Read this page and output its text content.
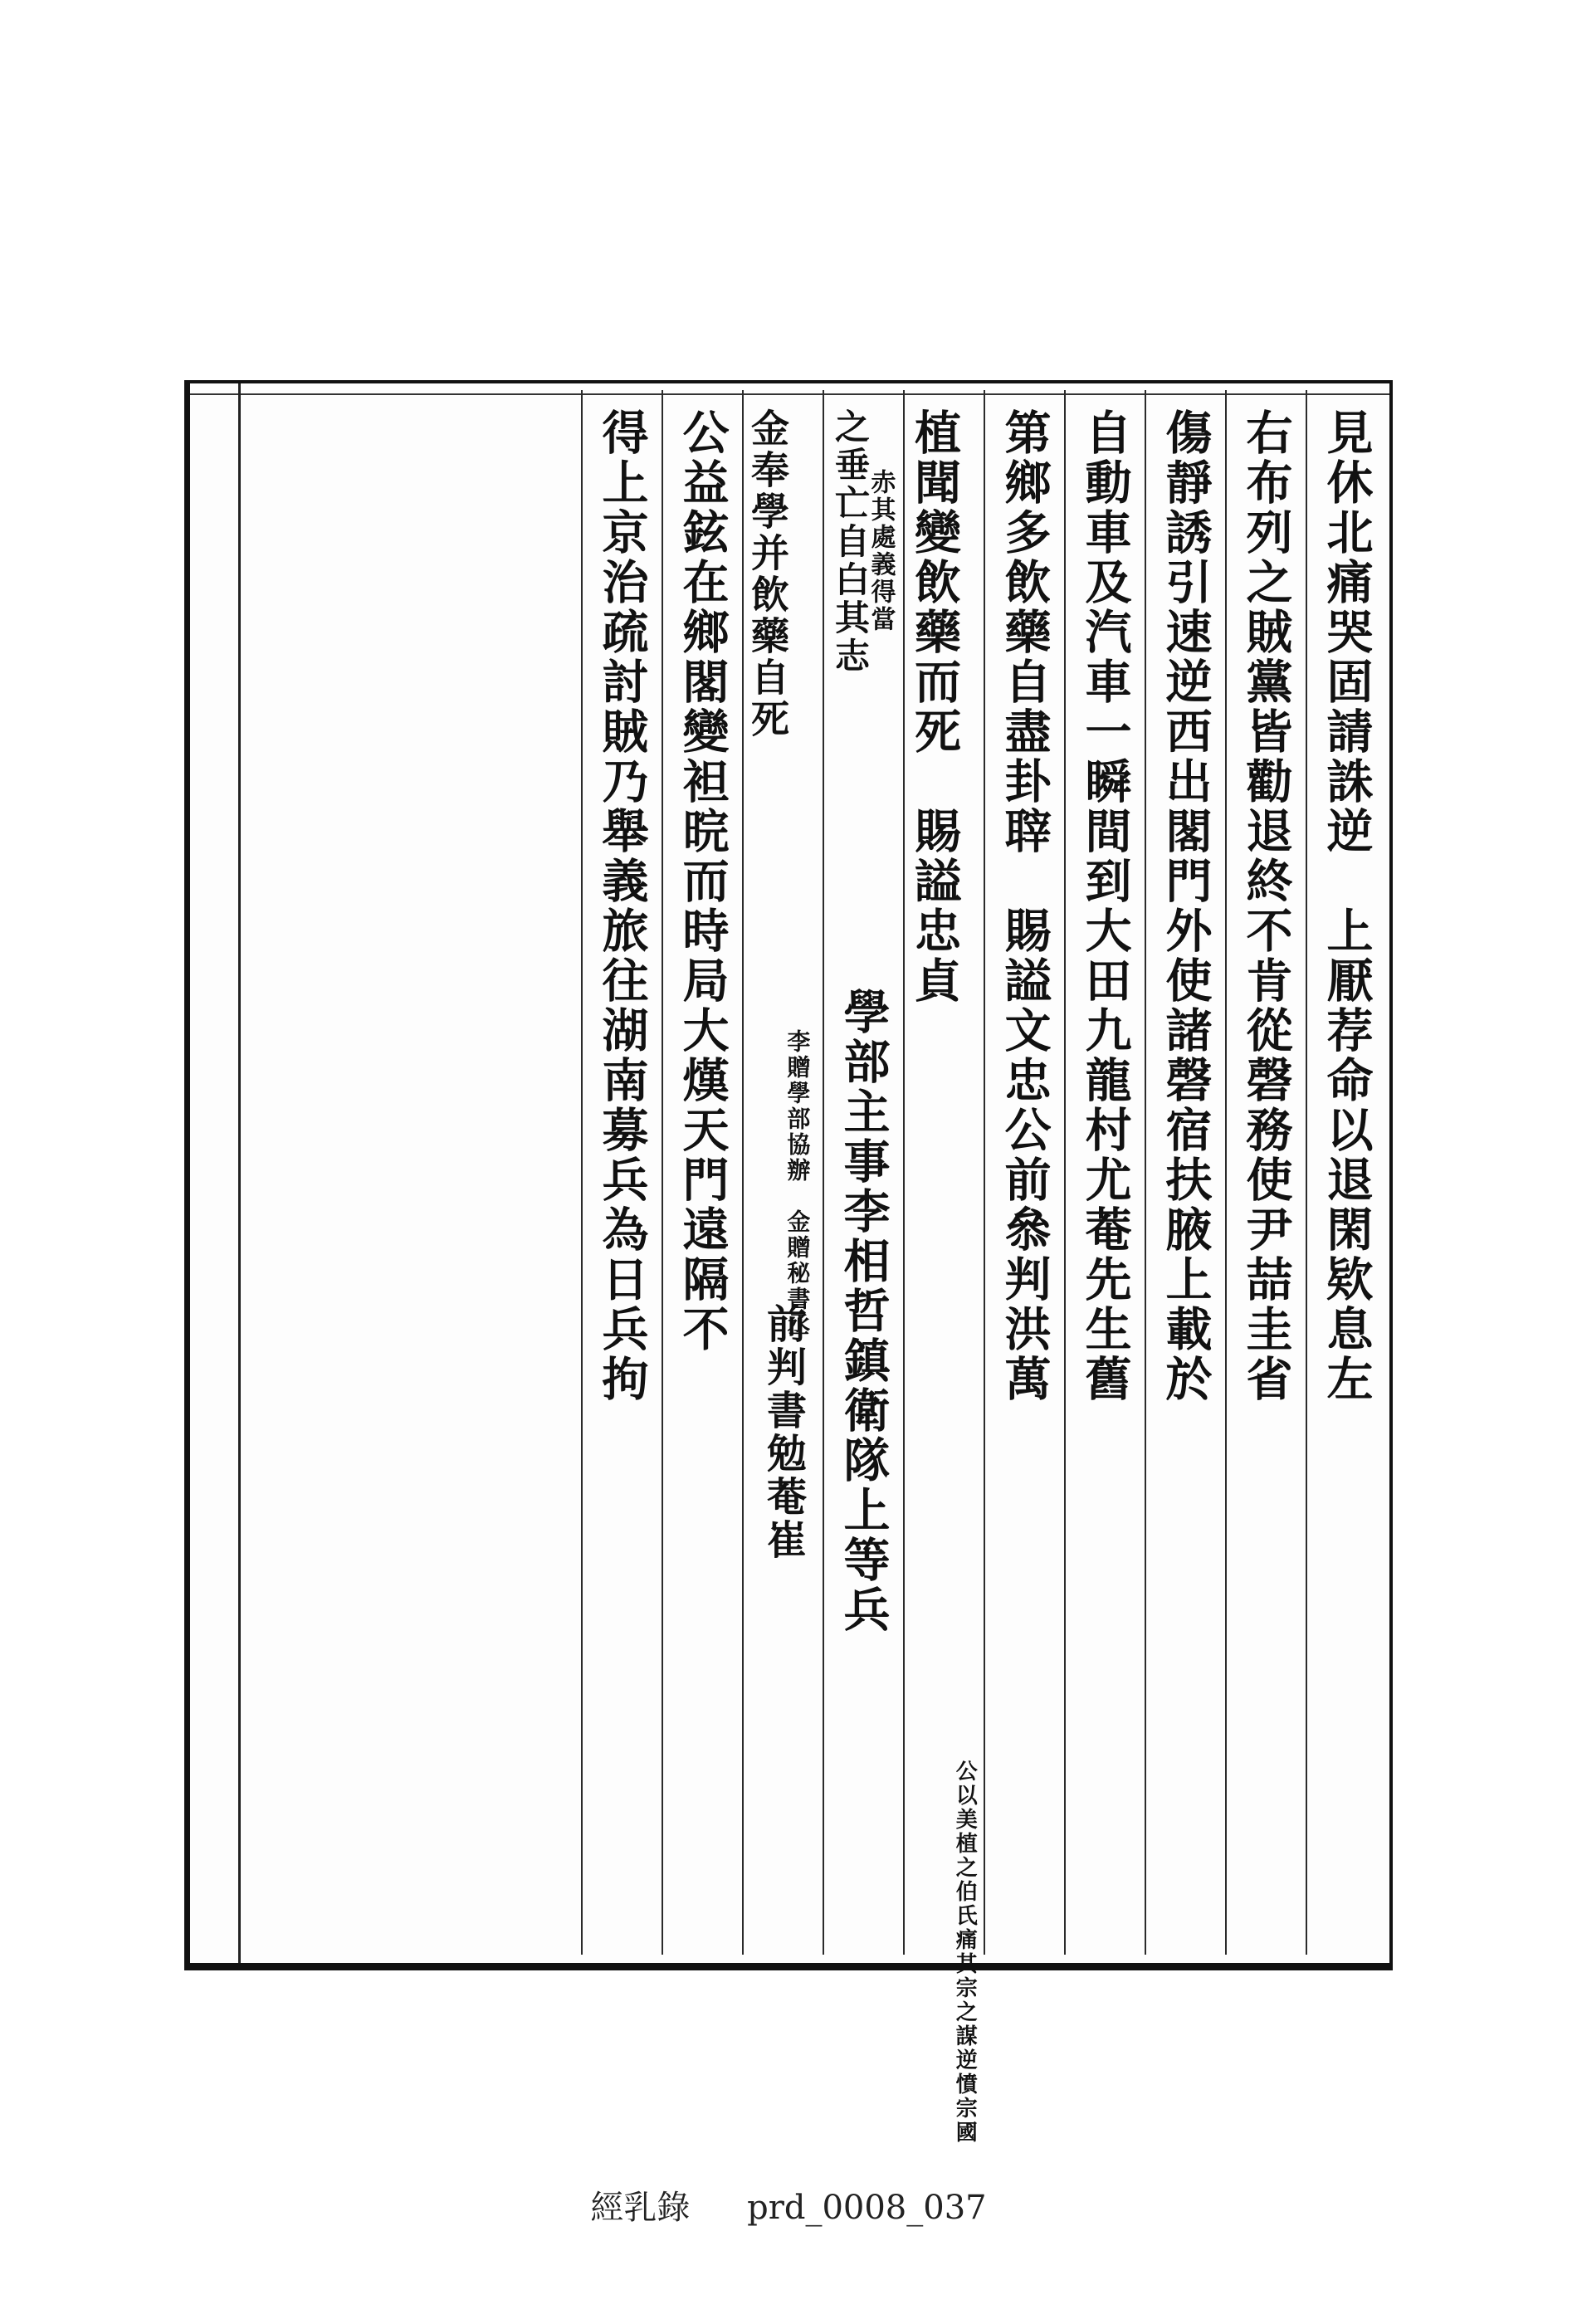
見休北痛哭固請誅逆　上厭荐命以退閑欵息左
右布列之賊黨皆勸退終不肯從磬務使尹喆圭省
傷靜誘引速逆西出閣門外使諸磬宿扶腋上載於
自動車及汽車一瞬間到大田九龍村尤菴先生舊
第鄉多飲藥自盡卦䏁　賜謚文忠公前叅判洪萬
植聞變飲藥而死　賜謚忠貞
公以美植之伯氏痛其宗之謀逆憤宗國
之垂亡自白其志
赤其處義得當
學部主事李相哲鎮衛隊上等兵
金奉學并飲藥自死
李贈學部協辦　金贈秘書丞
前判書勉菴崔
公益鉉在鄉閣變袒晥而時局大熯天門遠隔不
得上京治疏討賊乃舉義旅往湖南募兵為日兵拘
經乳錄 prd_0008_037
